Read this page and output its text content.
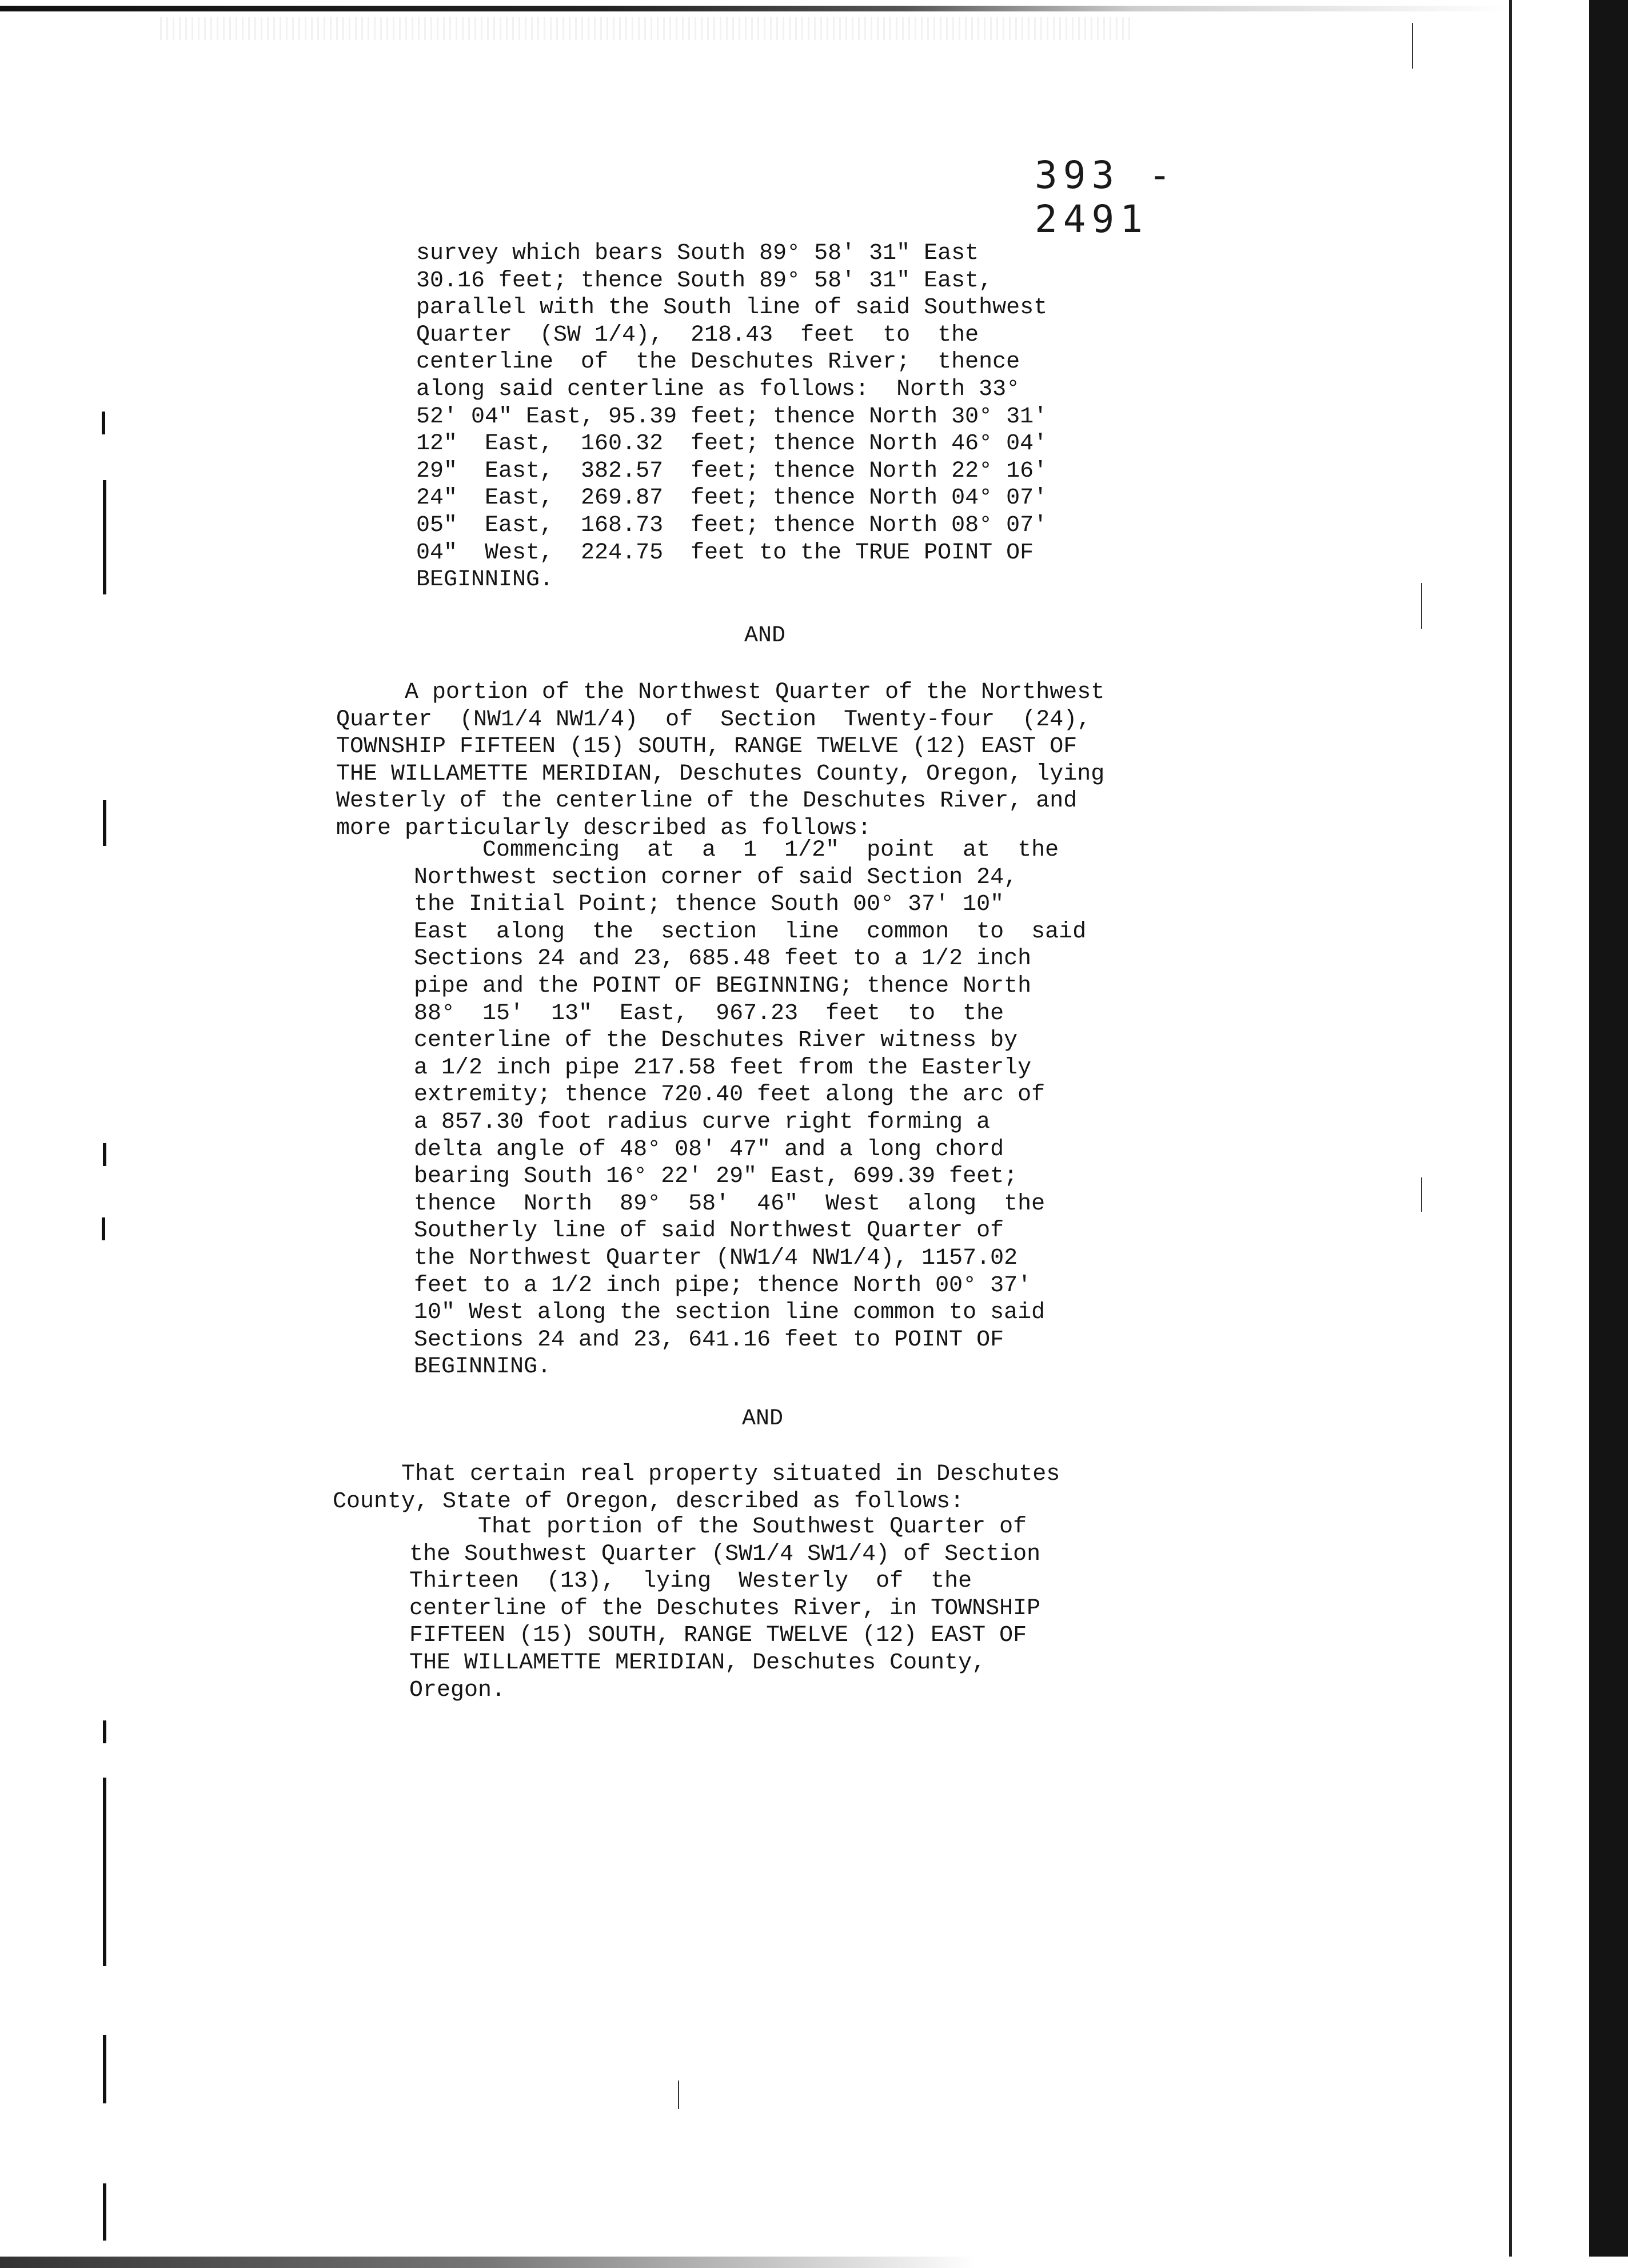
393 - 2491
survey which bears South 89° 58' 31" East
30.16 feet; thence South 89° 58' 31" East,
parallel with the South line of said Southwest
Quarter  (SW 1/4),  218.43  feet  to  the
centerline  of  the Deschutes River;  thence
along said centerline as follows:  North 33°
52' 04" East, 95.39 feet; thence North 30° 31'
12"  East,  160.32  feet; thence North 46° 04'
29"  East,  382.57  feet; thence North 22° 16'
24"  East,  269.87  feet; thence North 04° 07'
05"  East,  168.73  feet; thence North 08° 07'
04"  West,  224.75  feet to the TRUE POINT OF
BEGINNING.
AND
A portion of the Northwest Quarter of the Northwest
Quarter  (NW1/4 NW1/4)  of  Section  Twenty-four  (24),
TOWNSHIP FIFTEEN (15) SOUTH, RANGE TWELVE (12) EAST OF
THE WILLAMETTE MERIDIAN, Deschutes County, Oregon, lying
Westerly of the centerline of the Deschutes River, and
more particularly described as follows:
Commencing  at  a  1  1/2"  point  at  the
Northwest section corner of said Section 24,
the Initial Point; thence South 00° 37' 10"
East  along  the  section  line  common  to  said
Sections 24 and 23, 685.48 feet to a 1/2 inch
pipe and the POINT OF BEGINNING; thence North
88°  15'  13"  East,  967.23  feet  to  the
centerline of the Deschutes River witness by
a 1/2 inch pipe 217.58 feet from the Easterly
extremity; thence 720.40 feet along the arc of
a 857.30 foot radius curve right forming a
delta angle of 48° 08' 47" and a long chord
bearing South 16° 22' 29" East, 699.39 feet;
thence  North  89°  58'  46"  West  along  the
Southerly line of said Northwest Quarter of
the Northwest Quarter (NW1/4 NW1/4), 1157.02
feet to a 1/2 inch pipe; thence North 00° 37'
10" West along the section line common to said
Sections 24 and 23, 641.16 feet to POINT OF
BEGINNING.
AND
That certain real property situated in Deschutes
County, State of Oregon, described as follows:
That portion of the Southwest Quarter of
the Southwest Quarter (SW1/4 SW1/4) of Section
Thirteen  (13),  lying  Westerly  of  the
centerline of the Deschutes River, in TOWNSHIP
FIFTEEN (15) SOUTH, RANGE TWELVE (12) EAST OF
THE WILLAMETTE MERIDIAN, Deschutes County,
Oregon.
